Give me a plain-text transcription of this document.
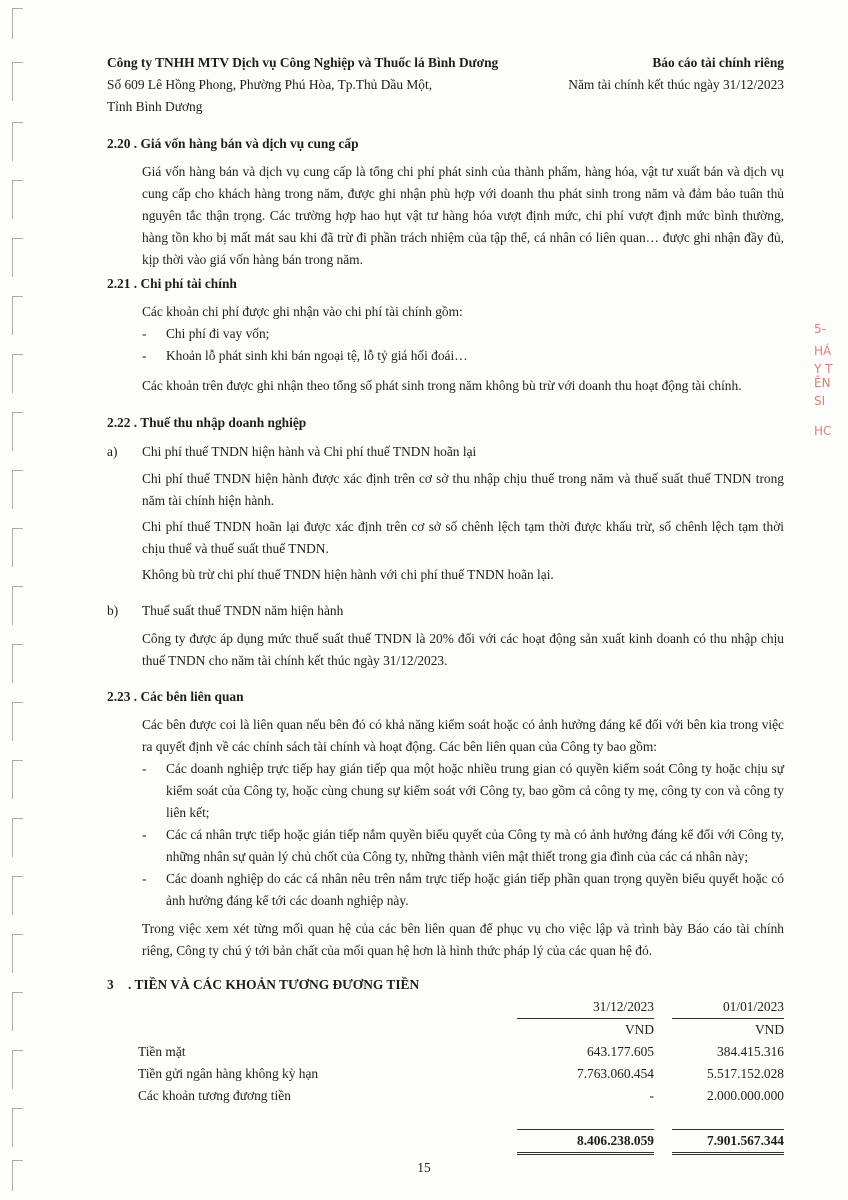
5-
HÁ
Y T
ÊN
SI
HC
Công ty TNHH MTV Dịch vụ Công Nghiệp và Thuốc lá Bình Dương
Số 609 Lê Hồng Phong, Phường Phú Hòa, Tp.Thủ Dầu Một,
Tỉnh Bình Dương
Báo cáo tài chính riêng
Năm tài chính kết thúc ngày 31/12/2023
2.20 . Giá vốn hàng bán và dịch vụ cung cấp
Giá vốn hàng bán và dịch vụ cung cấp là tổng chi phí phát sinh của thành phẩm, hàng hóa, vật tư xuất bán và dịch vụ cung cấp cho khách hàng trong năm, được ghi nhận phù hợp với doanh thu phát sinh trong năm và đảm bảo tuân thủ nguyên tắc thận trọng. Các trường hợp hao hụt vật tư hàng hóa vượt định mức, chi phí vượt định mức bình thường, hàng tồn kho bị mất mát sau khi đã trừ đi phần trách nhiệm của tập thể, cá nhân có liên quan… được ghi nhận đầy đủ, kịp thời vào giá vốn hàng bán trong năm.
2.21 . Chi phí tài chính
Các khoản chi phí được ghi nhận vào chi phí tài chính gồm:
- Chi phí đi vay vốn;
- Khoản lỗ phát sinh khi bán ngoại tệ, lỗ tỷ giá hối đoái…
Các khoản trên được ghi nhận theo tổng số phát sinh trong năm không bù trừ với doanh thu hoạt động tài chính.
2.22 . Thuế thu nhập doanh nghiệp
a) Chi phí thuế TNDN hiện hành và Chi phí thuế TNDN hoãn lại
Chi phí thuế TNDN hiện hành được xác định trên cơ sở thu nhập chịu thuế trong năm và thuế suất thuế TNDN trong năm tài chính hiện hành.
Chi phí thuế TNDN hoãn lại được xác định trên cơ sở số chênh lệch tạm thời được khấu trừ, số chênh lệch tạm thời chịu thuế và thuế suất thuế TNDN.
Không bù trừ chi phí thuế TNDN hiện hành với chi phí thuế TNDN hoãn lại.
b) Thuế suất thuế TNDN năm hiện hành
Công ty được áp dụng mức thuế suất thuế TNDN là 20% đối với các hoạt động sản xuất kinh doanh có thu nhập chịu thuế TNDN cho năm tài chính kết thúc ngày 31/12/2023.
2.23 . Các bên liên quan
Các bên được coi là liên quan nếu bên đó có khả năng kiểm soát hoặc có ảnh hưởng đáng kể đối với bên kia trong việc ra quyết định về các chính sách tài chính và hoạt động. Các bên liên quan của Công ty bao gồm:
- Các doanh nghiệp trực tiếp hay gián tiếp qua một hoặc nhiều trung gian có quyền kiểm soát Công ty hoặc chịu sự kiểm soát của Công ty, hoặc cùng chung sự kiểm soát với Công ty, bao gồm cả công ty mẹ, công ty con và công ty liên kết;
- Các cá nhân trực tiếp hoặc gián tiếp nắm quyền biểu quyết của Công ty mà có ảnh hưởng đáng kể đối với Công ty, những nhân sự quản lý chủ chốt của Công ty, những thành viên mật thiết trong gia đình của các cá nhân này;
- Các doanh nghiệp do các cá nhân nêu trên nắm trực tiếp hoặc gián tiếp phần quan trọng quyền biểu quyết hoặc có ảnh hưởng đáng kể tới các doanh nghiệp này.
Trong việc xem xét từng mối quan hệ của các bên liên quan để phục vụ cho việc lập và trình bày Báo cáo tài chính riêng, Công ty chú ý tới bản chất của mối quan hệ hơn là hình thức pháp lý của các quan hệ đó.
3 . TIỀN VÀ CÁC KHOẢN TƯƠNG ĐƯƠNG TIỀN
	31/12/2023		01/01/2023
	VND		VND
Tiền mặt	643.177.605		384.415.316
Tiền gửi ngân hàng không kỳ hạn	7.763.060.454		5.517.152.028
Các khoản tương đương tiền	-		2.000.000.000

	8.406.238.059		7.901.567.344
15
